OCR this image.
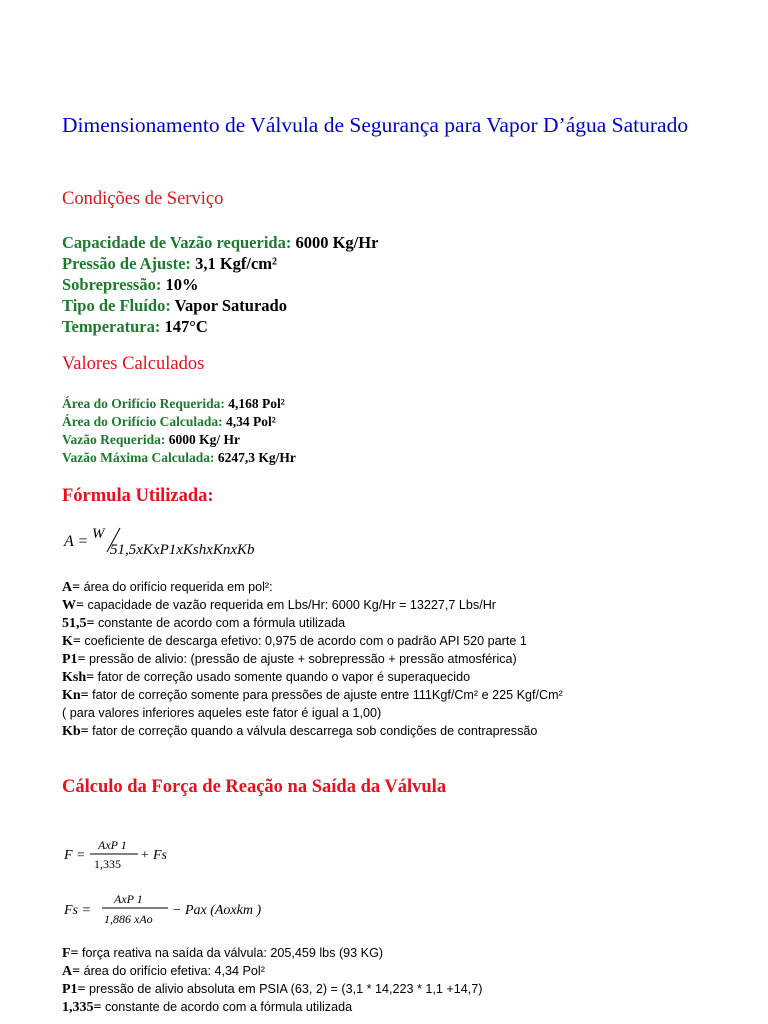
Dimensionamento de Válvula de Segurança para Vapor D’água Saturado
Condições de Serviço
Capacidade de Vazão requerida: 6000 Kg/Hr
Pressão de Ajuste: 3,1 Kgf/cm²
Sobrepressão: 10%
Tipo de Fluído: Vapor Saturado
Temperatura: 147°C
Valores Calculados
Área do Orifício Requerida: 4,168 Pol²
Área do Orifício Calculada: 4,34 Pol²
Vazão Requerida: 6000 Kg/ Hr
Vazão Máxima Calculada: 6247,3 Kg/Hr
Fórmula Utilizada:
A = W
51,5xKxP1xKshxKnxKb
A= área do orifício requerida em pol²:
W= capacidade de vazão requerida em Lbs/Hr: 6000 Kg/Hr = 13227,7 Lbs/Hr
51,5= constante de acordo com a fórmula utilizada
K= coeficiente de descarga efetivo: 0,975 de acordo com o padrão API 520 parte 1
P1= pressão de alivio: (pressão de ajuste + sobrepressão + pressão atmosférica)
Ksh= fator de correção usado somente quando o vapor é superaquecido
Kn= fator de correção somente para pressões de ajuste entre 111Kgf/Cm² e 225 Kgf/Cm²
( para valores inferiores aqueles este fator é igual a 1,00)
Kb= fator de correção quando a válvula descarrega sob condições de contrapressão
Cálculo da Força de Reação na Saída da Válvula
F =
AxP 1
1,335
+ Fs
Fs =
AxP 1
1,886 xAo
− Pax (Aoxkm )
F= força reativa na saída da válvula: 205,459 lbs (93 KG)
A= área do orifício efetiva: 4,34 Pol²
P1= pressão de alivio absoluta em PSIA (63, 2) = (3,1 * 14,223 * 1,1 +14,7)
1,335= constante de acordo com a fórmula utilizada
